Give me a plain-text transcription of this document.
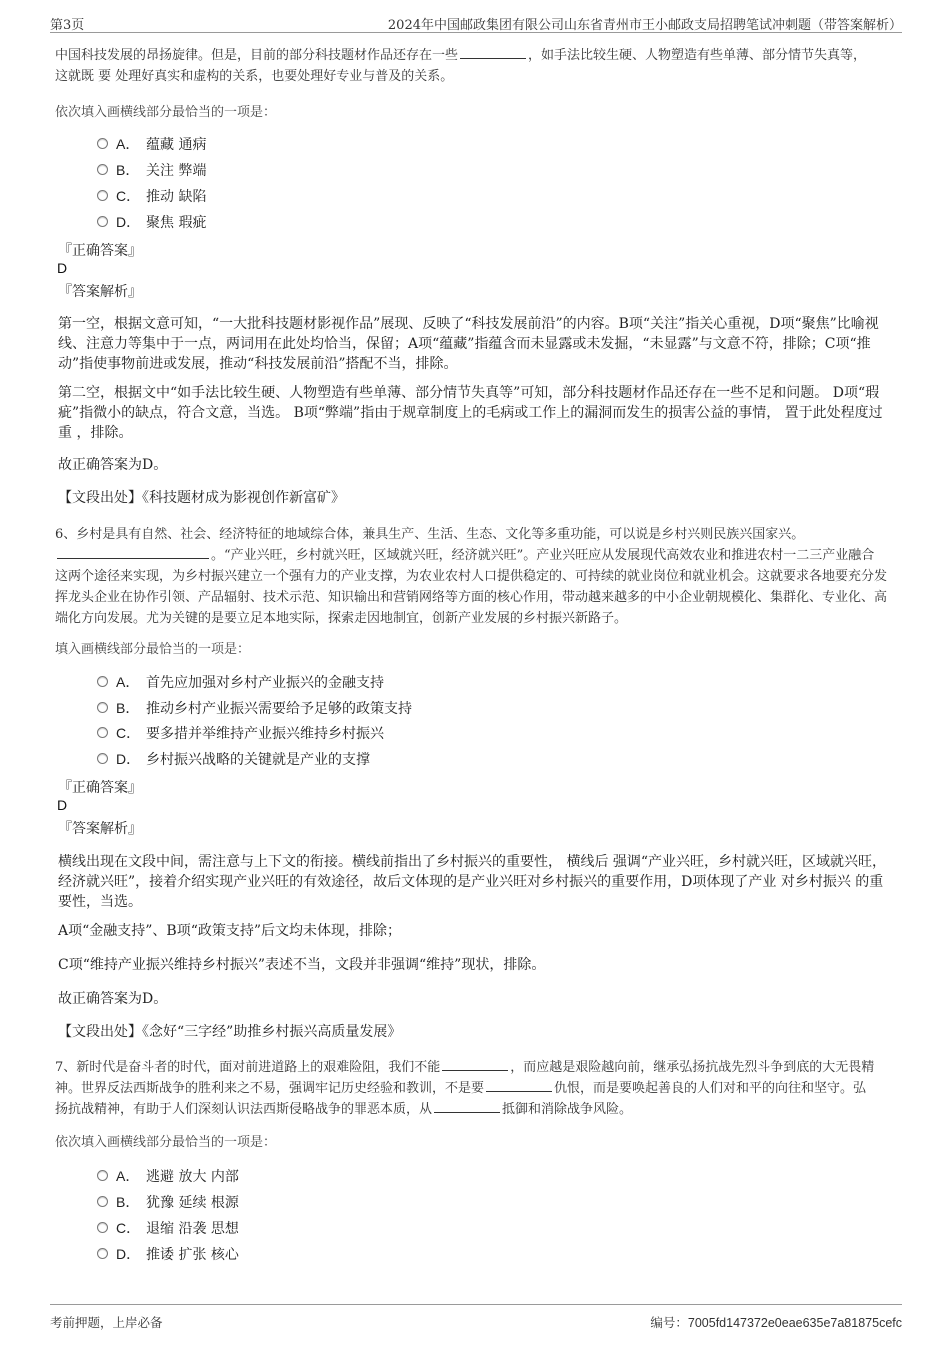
第3页	2024年中国邮政集团有限公司山东省青州市王小邮政支局招聘笔试冲刺题（带答案解析）

中国科技发展的昂扬旋律。但是，目前的部分科技题材作品还存在一些	，如手法比较生硬、人物塑造有些单薄、部分情节失真等，
这就既 要 处理好真实和虚构的关系，也要处理好专业与普及的关系。

依次填入画横线部分最恰当的一项是：
A． 蕴藏 通病
B． 关注 弊端
C． 推动 缺陷
D． 聚焦 瑕疵
『正确答案』
D
『答案解析』

第一空，根据文意可知，“一大批科技题材影视作品”展现、反映了“科技发展前沿”的内容。B项“关注”指关心重视，D项“聚焦”比喻视线、注意力等集中于一点，两词用在此处均恰当，保留；A项“蕴藏”指蕴含而未显露或未发掘，“未显露”与文意不符，排除；C项“推动”指使事物前进或发展，推动“科技发展前沿”搭配不当，排除。

第二空，根据文中“如手法比较生硬、人物塑造有些单薄、部分情节失真等”可知，部分科技题材作品还存在一些不足和问题。 D项“瑕疵”指微小的缺点，符合文意，当选。 B项“弊端”指由于规章制度上的毛病或工作上的漏洞而发生的损害公益的事情， 置于此处程度过重 ，排除。

故正确答案为D。
【文段出处】《科技题材成为影视创作新富矿》

6、乡村是具有自然、社会、经济特征的地域综合体，兼具生产、生活、生态、文化等多重功能，可以说是乡村兴则民族兴国家兴。
。“产业兴旺，乡村就兴旺，区域就兴旺，经济就兴旺”。产业兴旺应从发展现代高效农业和推进农村一二三产业融合
这两个途径来实现，为乡村振兴建立一个强有力的产业支撑，为农业农村人口提供稳定的、可持续的就业岗位和就业机会。这就要求各地要充分发挥龙头企业在协作引领、产品辐射、技术示范、知识输出和营销网络等方面的核心作用，带动越来越多的中小企业朝规模化、集群化、专业化、高端化方向发展。尤为关键的是要立足本地实际，探索走因地制宜，创新产业发展的乡村振兴新路子。

填入画横线部分最恰当的一项是：
A． 首先应加强对乡村产业振兴的金融支持
B． 推动乡村产业振兴需要给予足够的政策支持
C． 要多措并举维持产业振兴维持乡村振兴
D． 乡村振兴战略的关键就是产业的支撑
『正确答案』
D
『答案解析』

横线出现在文段中间，需注意与上下文的衔接。横线前指出了乡村振兴的重要性， 横线后 强调“产业兴旺，乡村就兴旺，区域就兴旺，经济就兴旺”，接着介绍实现产业兴旺的有效途径，故后文体现的是产业兴旺对乡村振兴的重要作用，D项体现了产业 对乡村振兴 的重要性，当选。

A项“金融支持”、B项“政策支持”后文均未体现，排除；

C项“维持产业振兴维持乡村振兴”表述不当，文段并非强调“维持”现状，排除。

故正确答案为D。
【文段出处】《念好“三字经”助推乡村振兴高质量发展》

7、新时代是奋斗者的时代，面对前进道路上的艰难险阻，我们不能	，而应越是艰险越向前，继承弘扬抗战先烈斗争到底的大无畏精
神。世界反法西斯战争的胜利来之不易，强调牢记历史经验和教训，不是要	仇恨，而是要唤起善良的人们对和平的向往和坚守。弘
扬抗战精神，有助于人们深刻认识法西斯侵略战争的罪恶本质，从	抵御和消除战争风险。

依次填入画横线部分最恰当的一项是：
A． 逃避 放大 内部
B． 犹豫 延续 根源
C． 退缩 沿袭 思想
D． 推诿 扩张 核心
考前押题，上岸必备	编号：7005fd147372e0eae635e7a81875cefc
